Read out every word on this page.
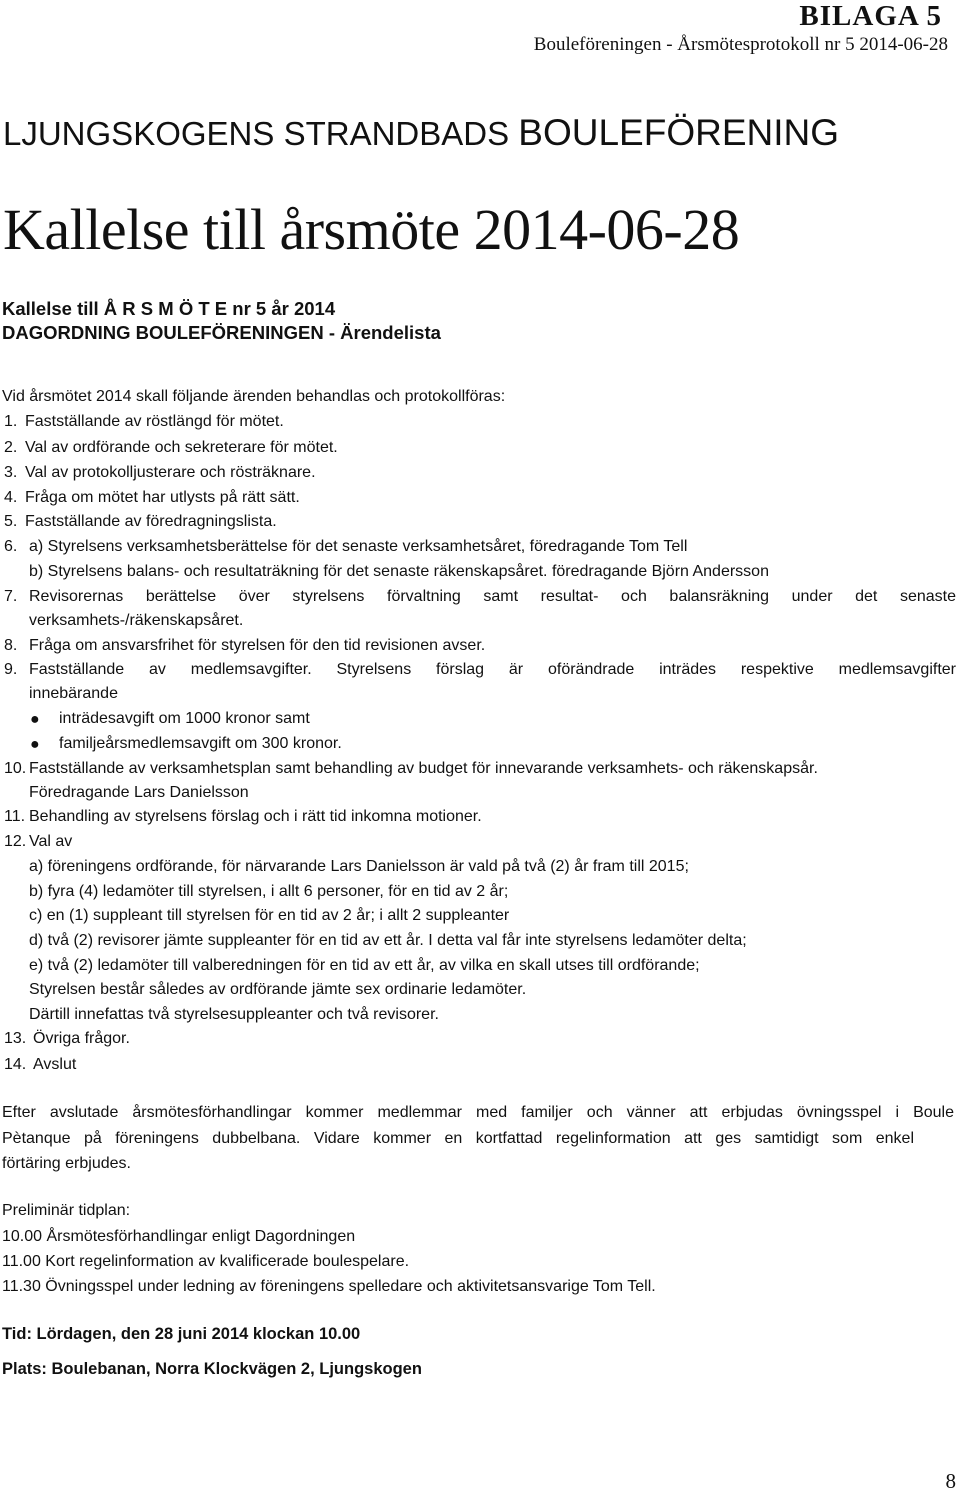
BILAGA 5
Bouleföreningen - Årsmötesprotokoll nr 5 2014-06-28
LJUNGSKOGENS STRANDBADS BOULEFÖRENING
Kallelse till årsmöte 2014-06-28
Kallelse till Å R S M Ö T E nr 5 år 2014
DAGORDNING BOULEFÖRENINGEN - Ärendelista
Vid årsmötet 2014 skall följande ärenden behandlas och protokollföras:
1. Fastställande av röstlängd för mötet.
2. Val av ordförande och sekreterare för mötet.
3. Val av protokolljusterare och rösträknare.
4. Fråga om mötet har utlysts på rätt sätt.
5. Fastställande av föredragningslista.
6. a) Styrelsens verksamhetsberättelse för det senaste verksamhetsåret, föredragande Tom Tell
b) Styrelsens balans- och resultaträkning för det senaste räkenskapsåret. föredragande Björn Andersson
7. Revisorernas berättelse över styrelsens förvaltning samt resultat- och balansräkning under det senaste
verksamhets-/räkenskapsåret.
8. Fråga om ansvarsfrihet för styrelsen för den tid revisionen avser.
9. Fastställande av medlemsavgifter. Styrelsens förslag är oförändrade inträdes respektive medlemsavgifter
innebärande
● inträdesavgift om 1000 kronor samt
● familjeårsmedlemsavgift om 300 kronor.
10. Fastställande av verksamhetsplan samt behandling av budget för innevarande verksamhets- och räkenskapsår.
Föredragande Lars Danielsson
11. Behandling av styrelsens förslag och i rätt tid inkomna motioner.
12. Val av
a) föreningens ordförande, för närvarande Lars Danielsson är vald på två (2) år fram till 2015;
b) fyra (4) ledamöter till styrelsen, i allt 6 personer, för en tid av 2 år;
c) en (1) suppleant till styrelsen för en tid av 2 år; i allt 2 suppleanter
d) två (2) revisorer jämte suppleanter för en tid av ett år. I detta val får inte styrelsens ledamöter delta;
e) två (2) ledamöter till valberedningen för en tid av ett år, av vilka en skall utses till ordförande;
Styrelsen består således av ordförande jämte sex ordinarie ledamöter.
Därtill innefattas två styrelsesuppleanter och två revisorer.
13. Övriga frågor.
14. Avslut
Efter avslutade årsmötesförhandlingar kommer medlemmar med familjer och vänner att erbjudas övningsspel i Boule
Pètanque på föreningens dubbelbana. Vidare kommer en kortfattad regelinformation att ges samtidigt som enkel
förtäring erbjudes.
Preliminär tidplan:
10.00 Årsmötesförhandlingar enligt Dagordningen
11.00 Kort regelinformation av kvalificerade boulespelare.
11.30 Övningsspel under ledning av föreningens spelledare och aktivitetsansvarige Tom Tell.
Tid: Lördagen, den 28 juni 2014 klockan 10.00
Plats: Boulebanan, Norra Klockvägen 2, Ljungskogen
8
